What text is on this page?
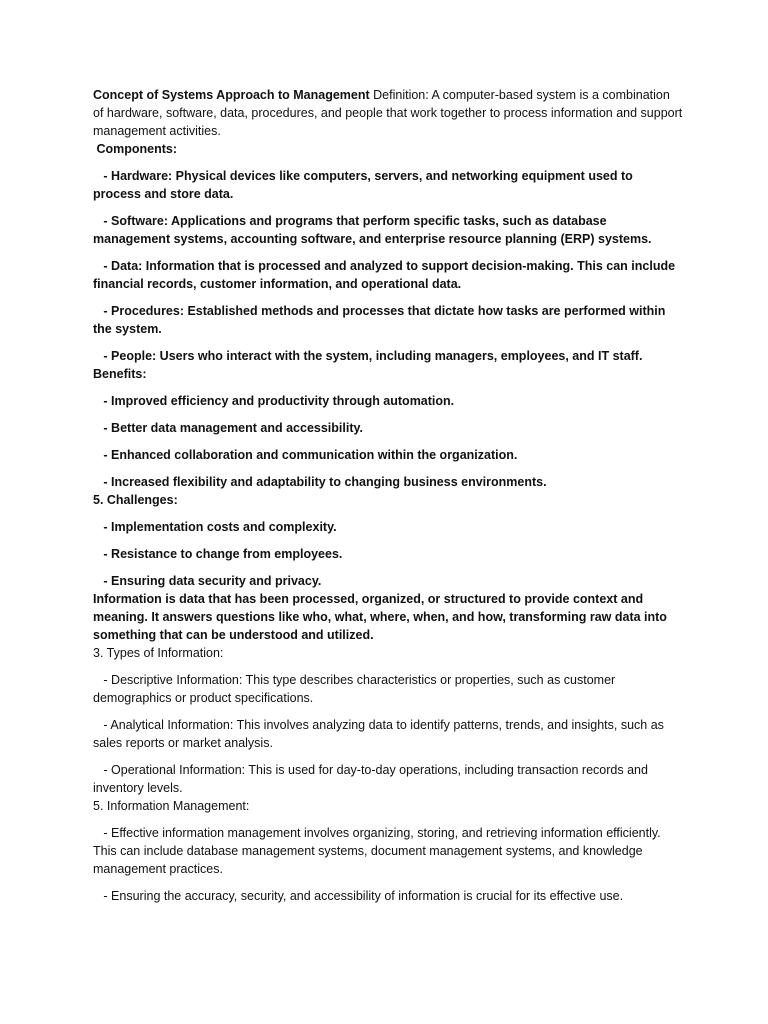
Concept of Systems Approach to Management Definition: A computer-based system is a combination of hardware, software, data, procedures, and people that work together to process information and support management activities.

Components:

- Hardware: Physical devices like computers, servers, and networking equipment used to process and store data.

- Software: Applications and programs that perform specific tasks, such as database management systems, accounting software, and enterprise resource planning (ERP) systems.

- Data: Information that is processed and analyzed to support decision-making. This can include financial records, customer information, and operational data.

- Procedures: Established methods and processes that dictate how tasks are performed within the system.

- People: Users who interact with the system, including managers, employees, and IT staff.

Benefits:

- Improved efficiency and productivity through automation.

- Better data management and accessibility.

- Enhanced collaboration and communication within the organization.

- Increased flexibility and adaptability to changing business environments.

5. Challenges:

- Implementation costs and complexity.

- Resistance to change from employees.

- Ensuring data security and privacy.

Information is data that has been processed, organized, or structured to provide context and meaning. It answers questions like who, what, where, when, and how, transforming raw data into something that can be understood and utilized.

3. Types of Information:

- Descriptive Information: This type describes characteristics or properties, such as customer demographics or product specifications.

- Analytical Information: This involves analyzing data to identify patterns, trends, and insights, such as sales reports or market analysis.

- Operational Information: This is used for day-to-day operations, including transaction records and inventory levels.

5. Information Management:

- Effective information management involves organizing, storing, and retrieving information efficiently. This can include database management systems, document management systems, and knowledge management practices.

- Ensuring the accuracy, security, and accessibility of information is crucial for its effective use.
